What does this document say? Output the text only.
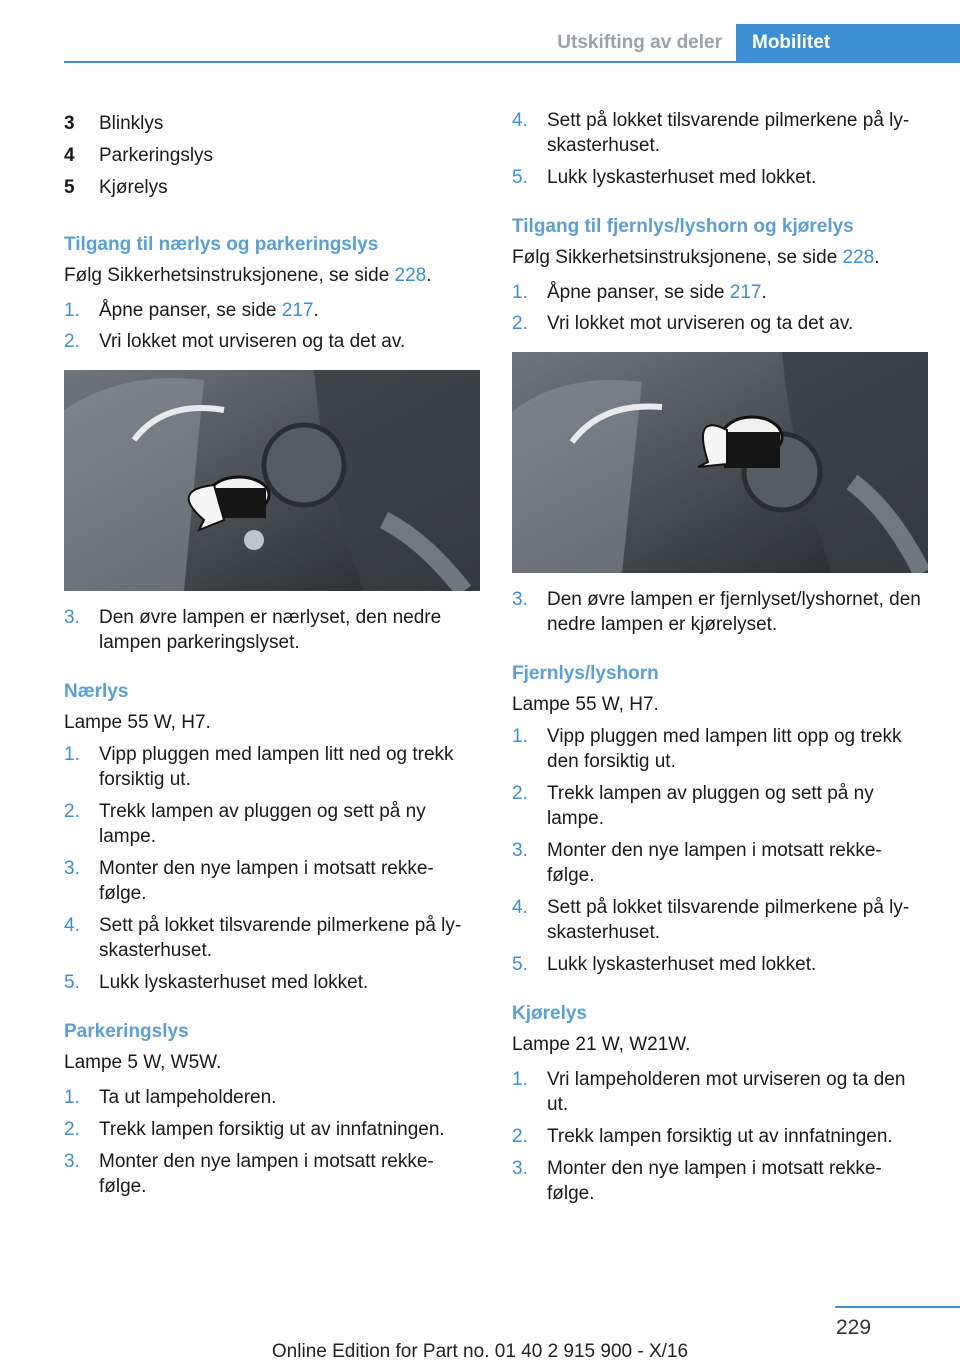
Utskifting av deler	Mobilitet
3	Blinklys
4	Parkeringslys
5	Kjørelys
Tilgang til nærlys og parkeringslys

Følg Sikkerhetsinstruksjonene, se side 228.

1.	Åpne panser, se side 217.
2.	Vri lokket mot urviseren og ta det av.
3.	Den øvre lampen er nærlyset, den nedre lampen parkeringslyset.
Nærlys

Lampe 55 W, H7.

1.	Vipp pluggen med lampen litt ned og trekk forsiktig ut.
2.	Trekk lampen av pluggen og sett på ny lampe.
3.	Monter den nye lampen i motsatt rekke-følge.
4.	Sett på lokket tilsvarende pilmerkene på ly-skasterhuset.
5.	Lukk lyskasterhuset med lokket.
Parkeringslys

Lampe 5 W, W5W.

1.	Ta ut lampeholderen.
2.	Trekk lampen forsiktig ut av innfatningen.
3.	Monter den nye lampen i motsatt rekke-følge.
4.	Sett på lokket tilsvarende pilmerkene på ly-skasterhuset.
5.	Lukk lyskasterhuset med lokket.
Tilgang til fjernlys/lyshorn og kjørelys

Følg Sikkerhetsinstruksjonene, se side 228.

1.	Åpne panser, se side 217.
2.	Vri lokket mot urviseren og ta det av.
3.	Den øvre lampen er fjernlyset/lyshornet, den nedre lampen er kjørelyset.
Fjernlys/lyshorn

Lampe 55 W, H7.

1.	Vipp pluggen med lampen litt opp og trekk den forsiktig ut.
2.	Trekk lampen av pluggen og sett på ny lampe.
3.	Monter den nye lampen i motsatt rekke-følge.
4.	Sett på lokket tilsvarende pilmerkene på ly-skasterhuset.
5.	Lukk lyskasterhuset med lokket.
Kjørelys

Lampe 21 W, W21W.

1.	Vri lampeholderen mot urviseren og ta den ut.
2.	Trekk lampen forsiktig ut av innfatningen.
3.	Monter den nye lampen i motsatt rekke-følge.
229
Online Edition for Part no. 01 40 2 915 900 - X/16
